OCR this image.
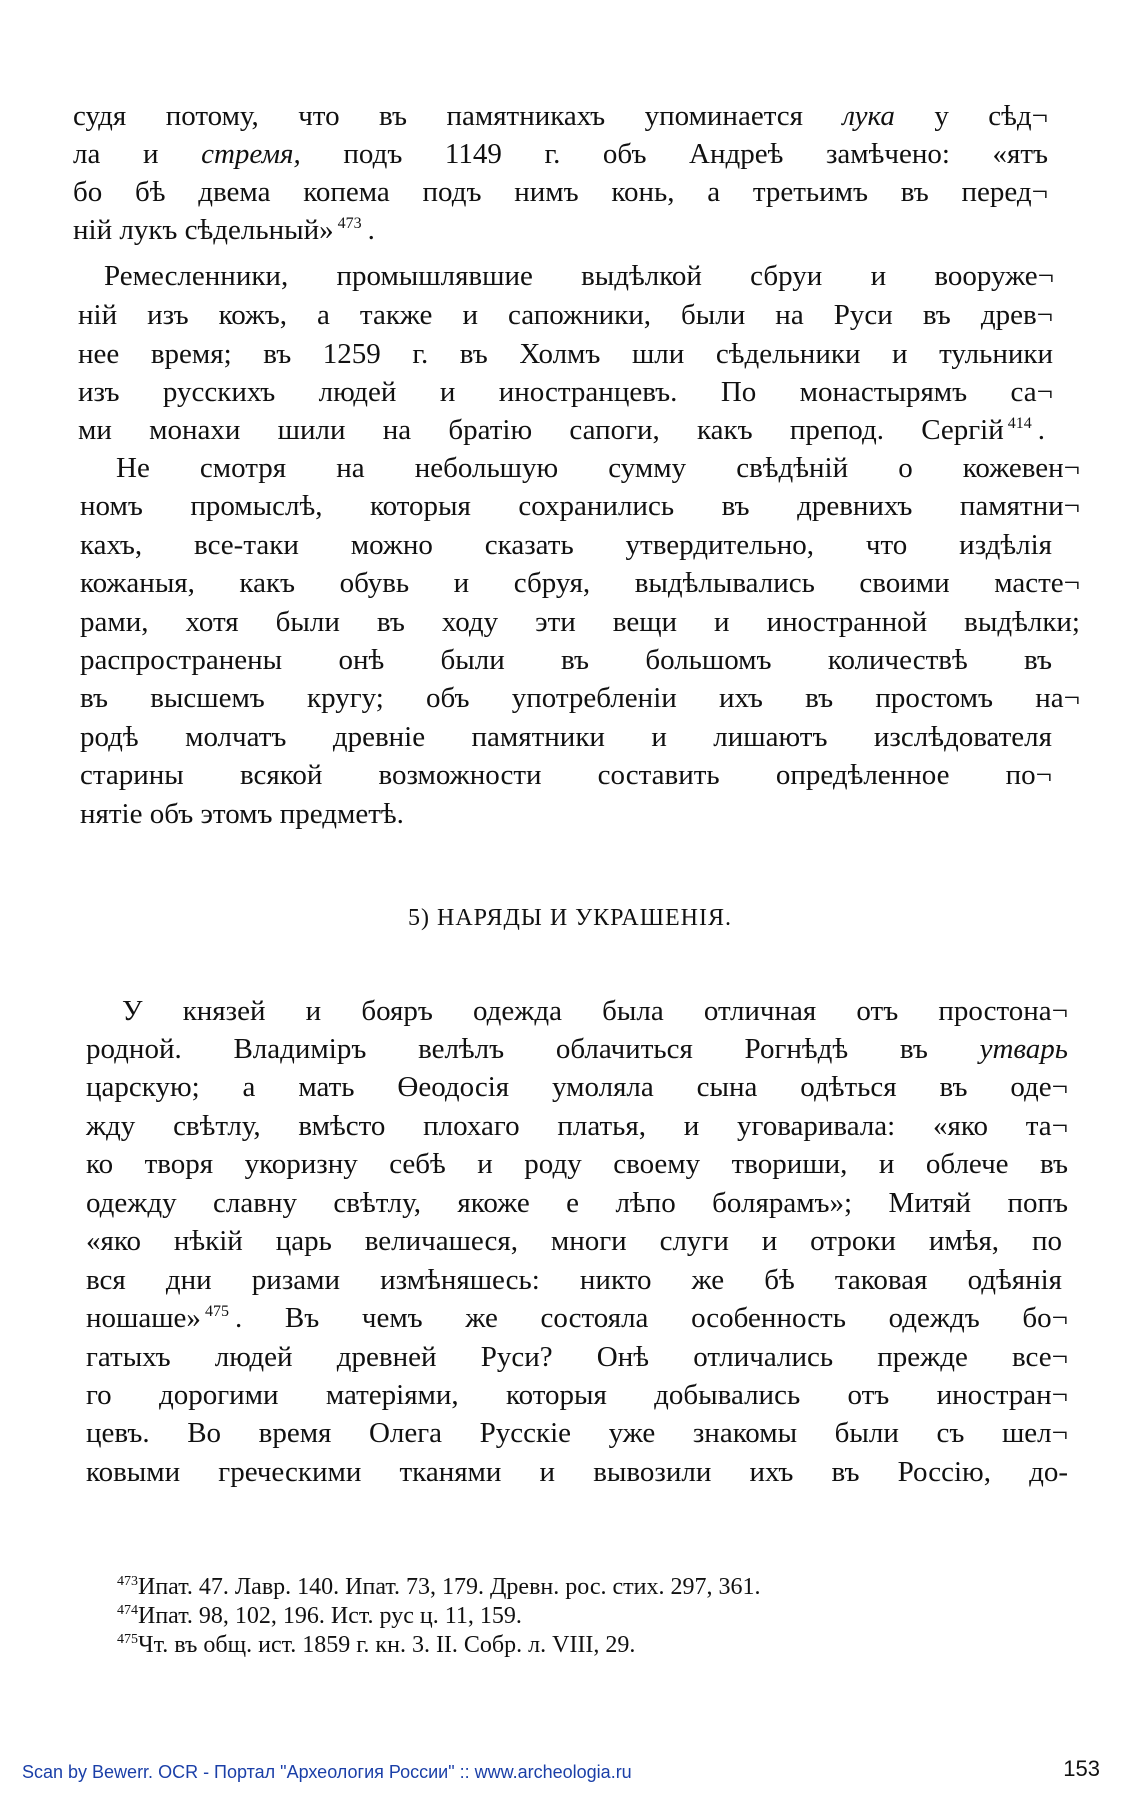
судя потому, что въ памятникахъ упоминается лука у сѣд¬
ла и стремя, подъ 1149 г. объ Андреѣ замѣчено: «ятъ
бо бѣ двема копема подъ нимъ конь, а третьимъ въ перед¬
ній лукъ сѣдельный» $^{473}$ .
Ремесленники, промышлявшие выдѣлкой сбруи и вооруже¬
ній изъ кожъ, а также и сапожники, были на Руси въ древ¬
нее время; въ 1259 г. въ Холмъ шли сѣдельники и тульники
изъ русскихъ людей и иностранцевъ. По монастырямъ са¬
ми монахи шили на братію сапоги, какъ препод. Сергій $^{414}$ .
Не смотря на небольшую сумму свѣдѣній о кожевен¬
номъ промыслѣ, которыя сохранились въ древнихъ памятни¬
кахъ, все-таки можно сказать утвердительно, что издѣлія
кожаныя, какъ обувь и сбруя, выдѣлывались своими масте¬
рами, хотя были въ ходу эти вещи и иностранной выдѣлки;
распространены онѣ были въ большомъ количествѣ въ
въ высшемъ кругу; объ употребленіи ихъ въ простомъ на¬
родѣ молчатъ древніе памятники и лишаютъ изслѣдователя
старины всякой возможности составить опредѣленное по¬
нятіе объ этомъ предметѣ.
5) НАРЯДЫ И УКРАШЕНІЯ.
У князей и бояръ одежда была отличная отъ простона¬
родной. Владиміръ велѣлъ облачиться Рогнѣдѣ въ утварь
царскую; а мать Өеодосія умоляла сына одѣться въ оде¬
жду свѣтлу, вмѣсто плохаго платья, и уговаривала: «яко та¬
ко творя укоризну себѣ и роду своему твориши, и облече въ
одежду славну свѣтлу, якоже е лѣпо болярамъ»; Митяй попъ
«яко нѣкій царь величашеся, многи слуги и отроки имѣя, по
вся дни ризами измѣняшесь: никто же бѣ таковая одѣянія
ношаше» $^{475}$ . Въ чемъ же состояла особенность одеждъ бо¬
гатыхъ людей древней Руси? Онѣ отличались прежде все¬
го дорогими матеріями, которыя добывались отъ иностран¬
цевъ. Во время Олега Русскіе уже знакомы были съ шел¬
ковыми греческими тканями и вывозили ихъ въ Россію, до-
$^{473}$Ипат. 47. Лавр. 140. Ипат. 73, 179. Древн. рос. стих. 297, 361.
$^{474}$Ипат. 98, 102, 196. Ист. рус ц. 11, 159.
$^{475}$Чт. въ общ. ист. 1859 г. кн. 3. II. Собр. л. VIII, 29.
Scan by Bewerr. OCR - Портал "Археология России" :: www.archeologia.ru	153
